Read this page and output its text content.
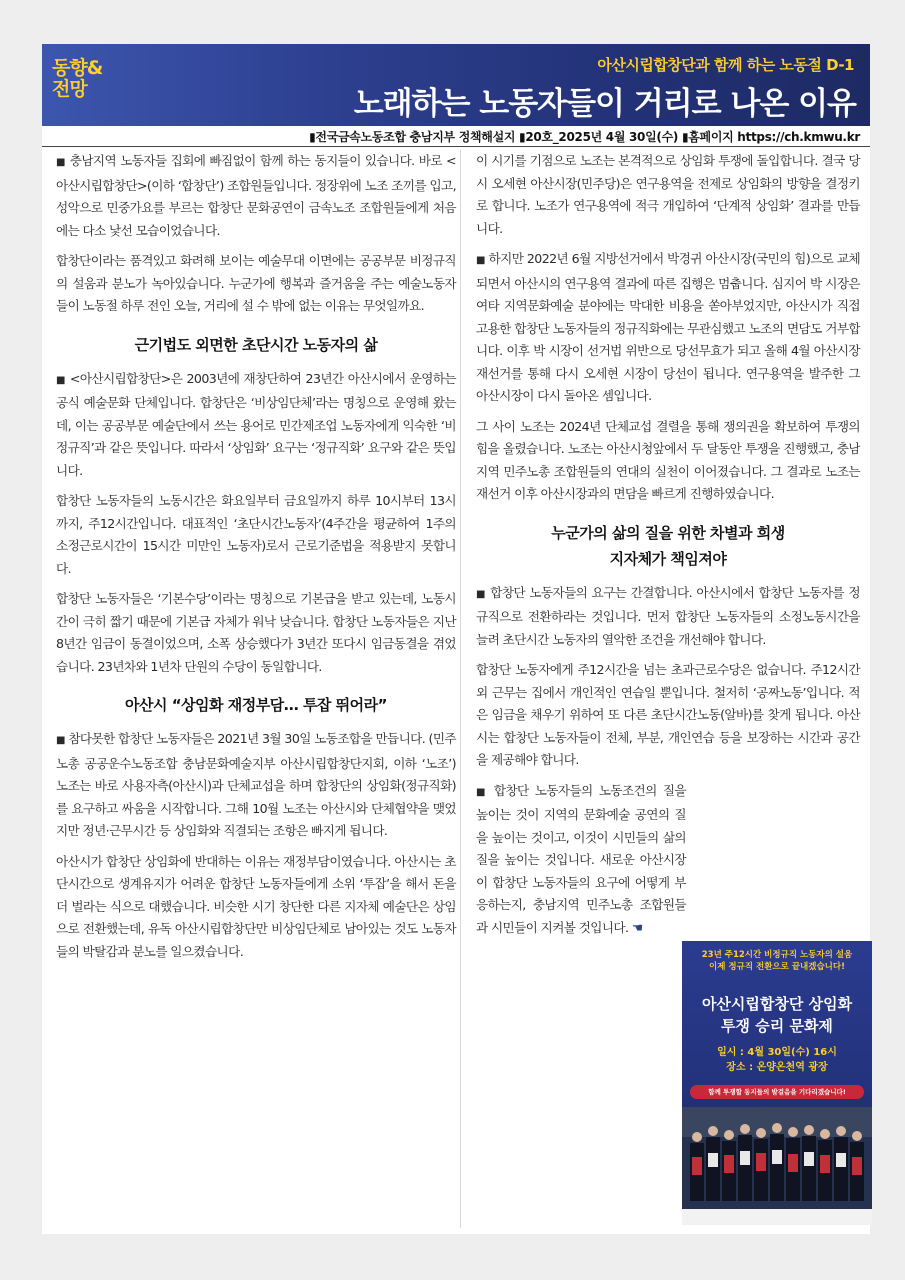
동향&
전망
아산시립합창단과 함께 하는 노동절 D-1
노래하는 노동자들이 거리로 나온 이유
▮전국금속노동조합 충남지부 정책해설지 ▮20호_2025년 4월 30일(수) ▮홈페이지 https://ch.kmwu.kr

■ 충남지역 노동자들 집회에 빠짐없이 함께 하는 동지들이 있습니다. 바로 <아산시립합창단>(이하 ‘합창단’) 조합원들입니다. 정장위에 노조 조끼를 입고, 성악으로 민중가요를 부르는 합창단 문화공연이 금속노조 조합원들에게 처음에는 다소 낯선 모습이었습니다.

합창단이라는 품격있고 화려해 보이는 예술무대 이면에는 공공부문 비정규직의 설움과 분노가 녹아있습니다. 누군가에 행복과 즐거움을 주는 예술노동자들이 노동절 하루 전인 오늘, 거리에 설 수 밖에 없는 이유는 무엇일까요.

근기법도 외면한 초단시간 노동자의 삶

■ <아산시립합창단>은 2003년에 재창단하여 23년간 아산시에서 운영하는 공식 예술문화 단체입니다. 합창단은 ‘비상임단체’라는 명칭으로 운영해 왔는데, 이는 공공부문 예술단에서 쓰는 용어로 민간제조업 노동자에게 익숙한 ‘비정규직’과 같은 뜻입니다. 따라서 ‘상임화’ 요구는 ‘정규직화’ 요구와 같은 뜻입니다.

합창단 노동자들의 노동시간은 화요일부터 금요일까지 하루 10시부터 13시까지, 주12시간입니다. 대표적인 ‘초단시간노동자’(4주간을 평균하여 1주의 소정근로시간이 15시간 미만인 노동자)로서 근로기준법을 적용받지 못합니다.

합창단 노동자들은 ‘기본수당’이라는 명칭으로 기본급을 받고 있는데, 노동시간이 극히 짧기 때문에 기본급 자체가 워낙 낮습니다. 합창단 노동자들은 지난 8년간 임금이 동결이었으며, 소폭 상승했다가 3년간 또다시 임금동결을 겪었습니다. 23년차와 1년차 단원의 수당이 동일합니다.

아산시 “상임화 재정부담… 투잡 뛰어라”

■ 참다못한 합창단 노동자들은 2021년 3월 30일 노동조합을 만듭니다. (민주노총 공공운수노동조합 충남문화예술지부 아산시립합창단지회, 이하 ‘노조’) 노조는 바로 사용자측(아산시)과 단체교섭을 하며 합창단의 상임화(정규직화)를 요구하고 싸움을 시작합니다. 그해 10월 노조는 아산시와 단체협약을 맺었지만 정년·근무시간 등 상임화와 직결되는 조항은 빠지게 됩니다.

아산시가 합창단 상임화에 반대하는 이유는 재정부담이였습니다. 아산시는 초단시간으로 생계유지가 어려운 합창단 노동자들에게 소위 ‘투잡’을 해서 돈을 더 벌라는 식으로 대했습니다. 비슷한 시기 창단한 다른 지자체 예술단은 상임으로 전환했는데, 유독 아산시립합창단만 비상임단체로 남아있는 것도 노동자들의 박탈감과 분노를 일으켰습니다.

이 시기를 기점으로 노조는 본격적으로 상임화 투쟁에 돌입합니다. 결국 당시 오세현 아산시장(민주당)은 연구용역을 전제로 상임화의 방향을 결정키로 합니다. 노조가 연구용역에 적극 개입하여 ‘단계적 상임화’ 결과를 만듭니다.

■ 하지만 2022년 6월 지방선거에서 박경귀 아산시장(국민의 힘)으로 교체되면서 아산시의 연구용역 결과에 따른 집행은 멈춥니다. 심지어 박 시장은 여타 지역문화예술 분야에는 막대한 비용을 쏟아부었지만, 아산시가 직접 고용한 합창단 노동자들의 정규직화에는 무관심했고 노조의 면담도 거부합니다. 이후 박 시장이 선거법 위반으로 당선무효가 되고 올해 4월 아산시장 재선거를 통해 다시 오세현 시장이 당선이 됩니다. 연구용역을 발주한 그 아산시장이 다시 돌아온 셈입니다.

그 사이 노조는 2024년 단체교섭 결렬을 통해 쟁의권을 확보하여 투쟁의 힘을 올렸습니다. 노조는 아산시청앞에서 두 달동안 투쟁을 진행했고, 충남지역 민주노총 조합원들의 연대의 실천이 이어졌습니다. 그 결과로 노조는 재선거 이후 아산시장과의 면담을 빠르게 진행하였습니다.

누군가의 삶의 질을 위한 차별과 희생
지자체가 책임져야

■ 합창단 노동자들의 요구는 간결합니다. 아산시에서 합창단 노동자를 정규직으로 전환하라는 것입니다. 먼저 합창단 노동자들의 소정노동시간을 늘려 초단시간 노동자의 열악한 조건을 개선해야 합니다.

합창단 노동자에게 주12시간을 넘는 초과근로수당은 없습니다. 주12시간 외 근무는 집에서 개인적인 연습일 뿐입니다. 철저히 ‘공짜노동’입니다. 적은 임금을 채우기 위하여 또 다른 초단시간노동(알바)를 찾게 됩니다. 아산시는 합창단 노동자들이 전체, 부분, 개인연습 등을 보장하는 시간과 공간을 제공해야 합니다.

■ 합창단 노동자들의 노동조건의 질을 높이는 것이 지역의 문화예술 공연의 질을 높이는 것이고, 이것이 시민들의 삶의 질을 높이는 것입니다. 새로운 아산시장이 합창단 노동자들의 요구에 어떻게 부응하는지, 충남지역 민주노총 조합원들과 시민들이 지켜볼 것입니다. ☚

23년 주12시간 비정규직 노동자의 설움
이제 정규직 전환으로 끝내겠습니다!
아산시립합창단 상임화
투쟁 승리 문화제
일시 : 4월 30일(수) 16시
장소 : 온양온천역 광장
함께 투쟁할 동지들의 발걸음을 기다리겠습니다!
